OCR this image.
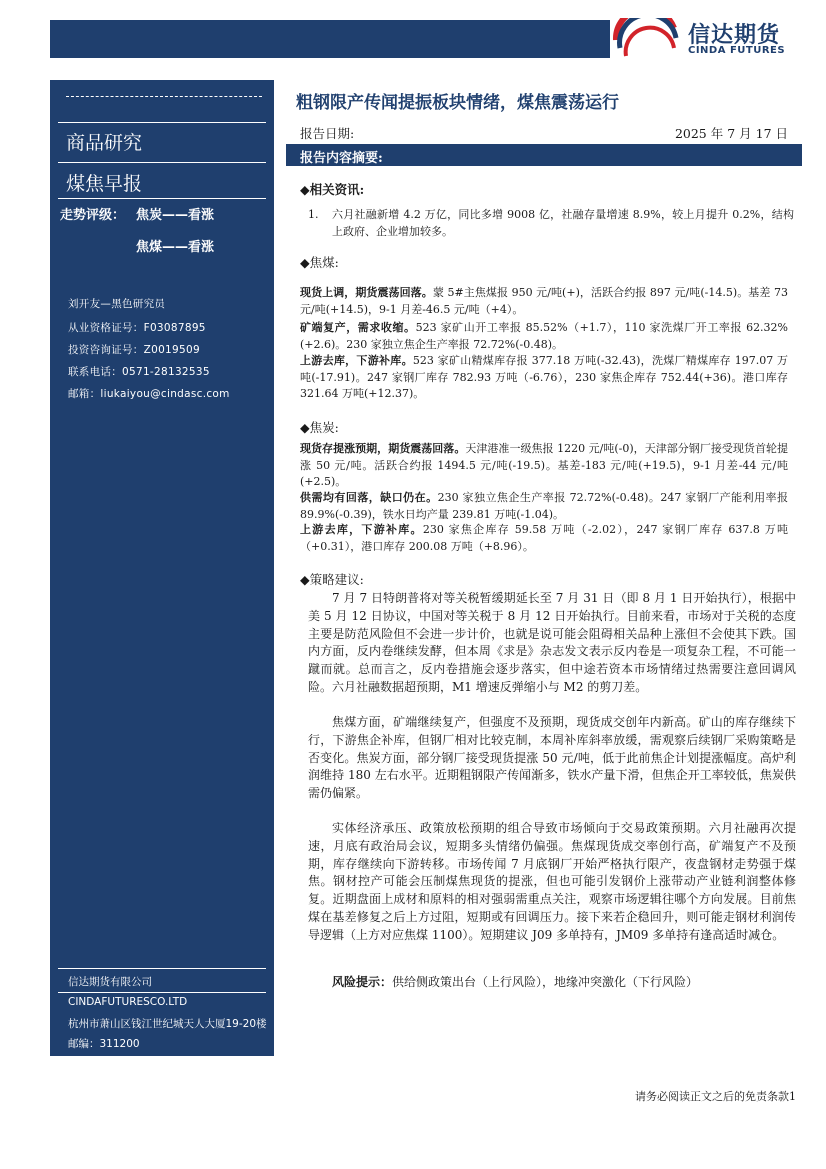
信达期货
CINDA FUTURES
商品研究
煤焦早报
走势评级： 焦炭——看涨
焦煤——看涨
刘开友—黑色研究员
从业资格证号：F03087895
投资咨询证号：Z0019509
联系电话：0571-28132535
邮箱：liukaiyou@cindasc.com
信达期货有限公司
CINDAFUTURESCO.LTD
杭州市萧山区钱江世纪城天人大厦19-20楼
邮编：311200
粗钢限产传闻提振板块情绪，煤焦震荡运行
报告日期:	2025 年 7 月 17 日
报告内容摘要:
◆相关资讯:
1. 六月社融新增 4.2 万亿，同比多增 9008 亿，社融存量增速 8.9%，较上月提升 0.2%，结构上政府、企业增加较多。
◆焦煤:
现货上调，期货震荡回落。蒙 5#主焦煤报 950 元/吨(+)，活跃合约报 897 元/吨(-14.5)。基差 73 元/吨(+14.5)，9-1 月差-46.5 元/吨（+4）。
矿端复产，需求收缩。523 家矿山开工率报 85.52%（+1.7），110 家洗煤厂开工率报 62.32%(+2.6)。230 家独立焦企生产率报 72.72%(-0.48)。
上游去库，下游补库。523 家矿山精煤库存报 377.18 万吨(-32.43)，洗煤厂精煤库存 197.07 万吨(-17.91)。247 家钢厂库存 782.93 万吨（-6.76），230 家焦企库存 752.44(+36)。港口库存 321.64 万吨(+12.37)。
◆焦炭:
现货存提涨预期，期货震荡回落。天津港准一级焦报 1220 元/吨(-0)，天津部分钢厂接受现货首轮提涨 50 元/吨。活跃合约报 1494.5 元/吨(-19.5)。基差-183 元/吨(+19.5)，9-1 月差-44 元/吨(+2.5)。
供需均有回落，缺口仍在。230 家独立焦企生产率报 72.72%(-0.48)。247 家钢厂产能利用率报 89.9%(-0.39)，铁水日均产量 239.81 万吨(-1.04)。
上游去库，下游补库。230 家焦企库存 59.58 万吨（-2.02），247 家钢厂库存 637.8 万吨（+0.31），港口库存 200.08 万吨（+8.96）。
◆策略建议:
7 月 7 日特朗普将对等关税暂缓期延长至 7 月 31 日（即 8 月 1 日开始执行），根据中美 5 月 12 日协议，中国对等关税于 8 月 12 日开始执行。目前来看，市场对于关税的态度主要是防范风险但不会进一步计价，也就是说可能会阻碍相关品种上涨但不会使其下跌。国内方面，反内卷继续发酵，但本周《求是》杂志发文表示反内卷是一项复杂工程，不可能一蹴而就。总而言之，反内卷措施会逐步落实，但中途若资本市场情绪过热需要注意回调风险。六月社融数据超预期，M1 增速反弹缩小与 M2 的剪刀差。
焦煤方面，矿端继续复产，但强度不及预期，现货成交创年内新高。矿山的库存继续下行，下游焦企补库，但钢厂相对比较克制，本周补库斜率放缓，需观察后续钢厂采购策略是否变化。焦炭方面，部分钢厂接受现货提涨 50 元/吨，低于此前焦企计划提涨幅度。高炉利润维持 180 左右水平。近期粗钢限产传闻渐多，铁水产量下滑，但焦企开工率较低，焦炭供需仍偏紧。
实体经济承压、政策放松预期的组合导致市场倾向于交易政策预期。六月社融再次提速，月底有政治局会议，短期多头情绪仍偏强。焦煤现货成交率创行高，矿端复产不及预期，库存继续向下游转移。市场传闻 7 月底钢厂开始严格执行限产，夜盘钢材走势强于煤焦。钢材控产可能会压制煤焦现货的提涨，但也可能引发钢价上涨带动产业链利润整体修复。近期盘面上成材和原料的相对强弱需重点关注，观察市场逻辑往哪个方向发展。目前焦煤在基差修复之后上方过阻，短期或有回调压力。接下来若企稳回升，则可能走钢材利润传导逻辑（上方对应焦煤 1100）。短期建议 J09 多单持有，JM09 多单持有逢高适时减仓。
风险提示：供给侧政策出台（上行风险），地缘冲突激化（下行风险）
请务必阅读正文之后的免责条款1
